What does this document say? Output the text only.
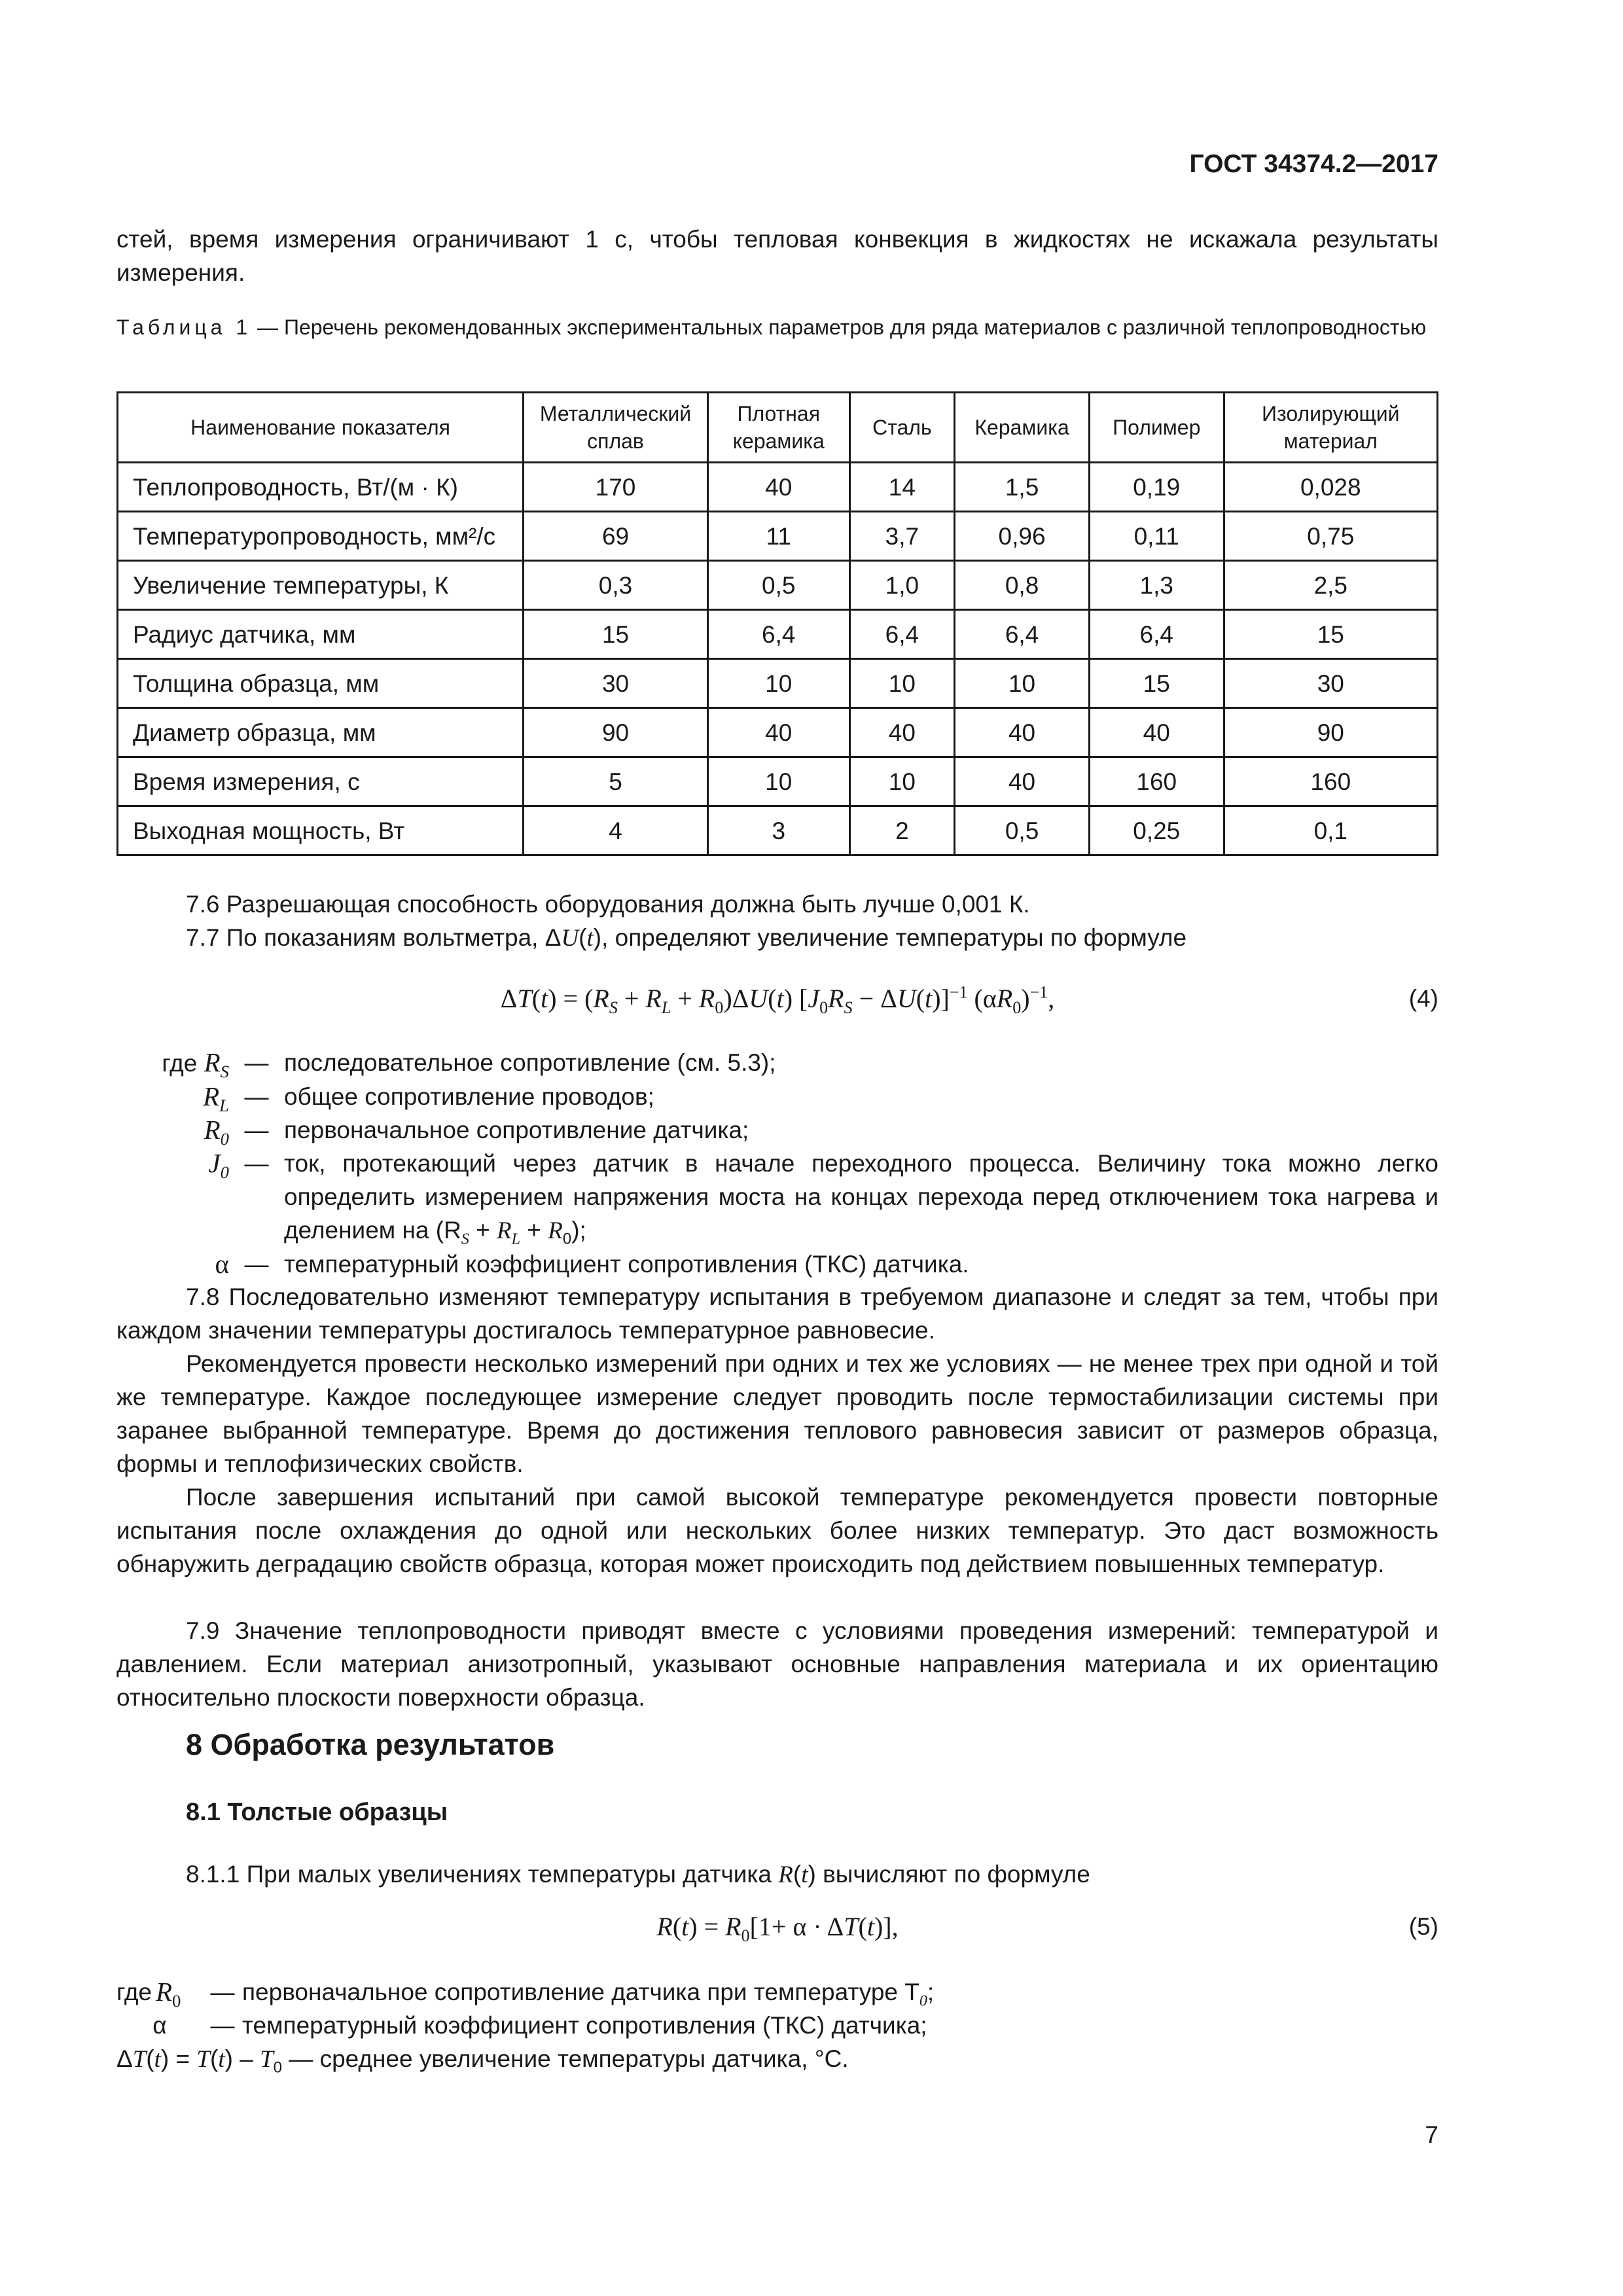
ГОСТ 34374.2—2017

стей, время измерения ограничивают 1 с, чтобы тепловая конвекция в жидкостях не искажала результаты измерения.

Таблица 1 — Перечень рекомендованных экспериментальных параметров для ряда материалов с различной теплопроводностью
Наименование показателя	Металлический сплав	Плотная керамика	Сталь	Керамика	Полимер	Изолирующий материал
Теплопроводность, Вт/(м · К)	170	40	14	1,5	0,19	0,028
Температуропроводность, мм²/с	69	11	3,7	0,96	0,11	0,75
Увеличение температуры, К	0,3	0,5	1,0	0,8	1,3	2,5
Радиус датчика, мм	15	6,4	6,4	6,4	6,4	15
Толщина образца, мм	30	10	10	10	15	30
Диаметр образца, мм	90	40	40	40	40	90
Время измерения, с	5	10	10	40	160	160
Выходная мощность, Вт	4	3	2	0,5	0,25	0,1

7.6 Разрешающая способность оборудования должна быть лучше 0,001 К.

7.7 По показаниям вольтметра, ΔU(t), определяют увеличение температуры по формуле

$\Delta T(t) = (R_S + R_L + R_0)\Delta U(t) [J_0R_S - \Delta U(t)]^{-1}$ $(\alpha R_0)^{-1}$,	(4)
где $R_S$ — последовательное сопротивление (см. 5.3);
$R_L$ — общее сопротивление проводов;
$R_0$ — первоначальное сопротивление датчика;
$J_0$ — ток, протекающий через датчик в начале переходного процесса. Величину тока можно легко определить измерением напряжения моста на концах перехода перед отключением тока нагрева и делением на $(R_S + R_L + R_0)$;
α — температурный коэффициент сопротивления (ТКС) датчика.

7.8 Последовательно изменяют температуру испытания в требуемом диапазоне и следят за тем, чтобы при каждом значении температуры достигалось температурное равновесие.

Рекомендуется провести несколько измерений при одних и тех же условиях — не менее трех при одной и той же температуре. Каждое последующее измерение следует проводить после термостабилизации системы при заранее выбранной температуре. Время до достижения теплового равновесия зависит от размеров образца, формы и теплофизических свойств.

После завершения испытаний при самой высокой температуре рекомендуется провести повторные испытания после охлаждения до одной или нескольких более низких температур. Это даст возможность обнаружить деградацию свойств образца, которая может происходить под действием повышенных температур.

7.9 Значение теплопроводности приводят вместе с условиями проведения измерений: температурой и давлением. Если материал анизотропный, указывают основные направления материала и их ориентацию относительно плоскости поверхности образца.

8 Обработка результатов
8.1 Толстые образцы

8.1.1 При малых увеличениях температуры датчика R(t) вычисляют по формуле

$R(t) = R_0[1+ \alpha \cdot \Delta T(t)]$,	(5)
где $R_0$	— первоначальное сопротивление датчика при температуре $T_0$;
α	— температурный коэффициент сопротивления (ТКС) датчика;
$\Delta T(t) = T(t) - T_0$ — среднее увеличение температуры датчика, °С.
7
